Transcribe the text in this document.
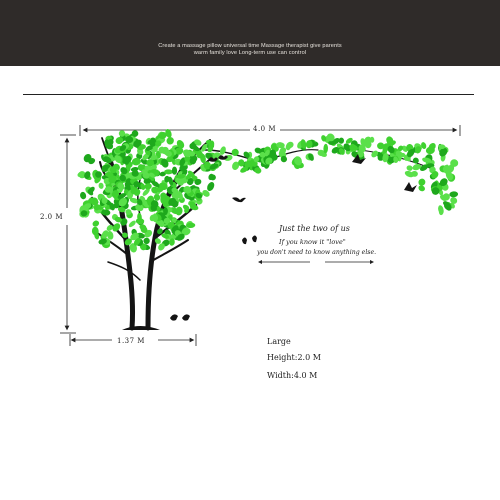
Create a massage pillow universal time Massage therapist give parents
warm family love Long-term use can control
4.0 M
2.0 M
1.37 M
Just the two of us
If you know it "love"
you don't need to know anything else.
Large
Height:2.0 M
Width:4.0 M
